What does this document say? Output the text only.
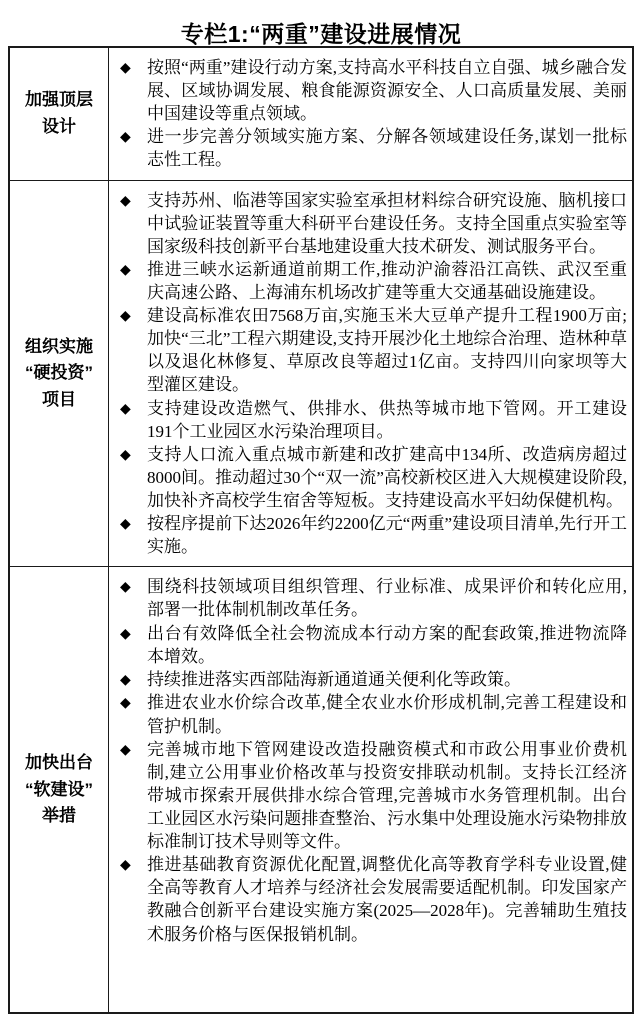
专栏1:“两重”建设进展情况
加强顶层
设计
◆ 按照“两重”建设行动方案,支持高水平科技自立自强、城乡融合发展、区域协调发展、粮食能源资源安全、人口高质量发展、美丽中国建设等重点领域。
◆ 进一步完善分领域实施方案、分解各领域建设任务,谋划一批标志性工程。
组织实施
“硬投资”
项目
◆ 支持苏州、临港等国家实验室承担材料综合研究设施、脑机接口中试验证装置等重大科研平台建设任务。支持全国重点实验室等国家级科技创新平台基地建设重大技术研发、测试服务平台。
◆ 推进三峡水运新通道前期工作,推动沪渝蓉沿江高铁、武汉至重庆高速公路、上海浦东机场改扩建等重大交通基础设施建设。
◆ 建设高标准农田7568万亩,实施玉米大豆单产提升工程1900万亩;加快“三北”工程六期建设,支持开展沙化土地综合治理、造林种草以及退化林修复、草原改良等超过1亿亩。支持四川向家坝等大型灌区建设。
◆ 支持建设改造燃气、供排水、供热等城市地下管网。开工建设191个工业园区水污染治理项目。
◆ 支持人口流入重点城市新建和改扩建高中134所、改造病房超过8000间。推动超过30个“双一流”高校新校区进入大规模建设阶段,加快补齐高校学生宿舍等短板。支持建设高水平妇幼保健机构。
◆ 按程序提前下达2026年约2200亿元“两重”建设项目清单,先行开工实施。
加快出台
“软建设”
举措
◆ 围绕科技领域项目组织管理、行业标准、成果评价和转化应用,部署一批体制机制改革任务。
◆ 出台有效降低全社会物流成本行动方案的配套政策,推进物流降本增效。
◆ 持续推进落实西部陆海新通道通关便利化等政策。
◆ 推进农业水价综合改革,健全农业水价形成机制,完善工程建设和管护机制。
◆ 完善城市地下管网建设改造投融资模式和市政公用事业价费机制,建立公用事业价格改革与投资安排联动机制。支持长江经济带城市探索开展供排水综合管理,完善城市水务管理机制。出台工业园区水污染问题排查整治、污水集中处理设施水污染物排放标准制订技术导则等文件。
◆ 推进基础教育资源优化配置,调整优化高等教育学科专业设置,健全高等教育人才培养与经济社会发展需要适配机制。印发国家产教融合创新平台建设实施方案(2025—2028年)。完善辅助生殖技术服务价格与医保报销机制。
